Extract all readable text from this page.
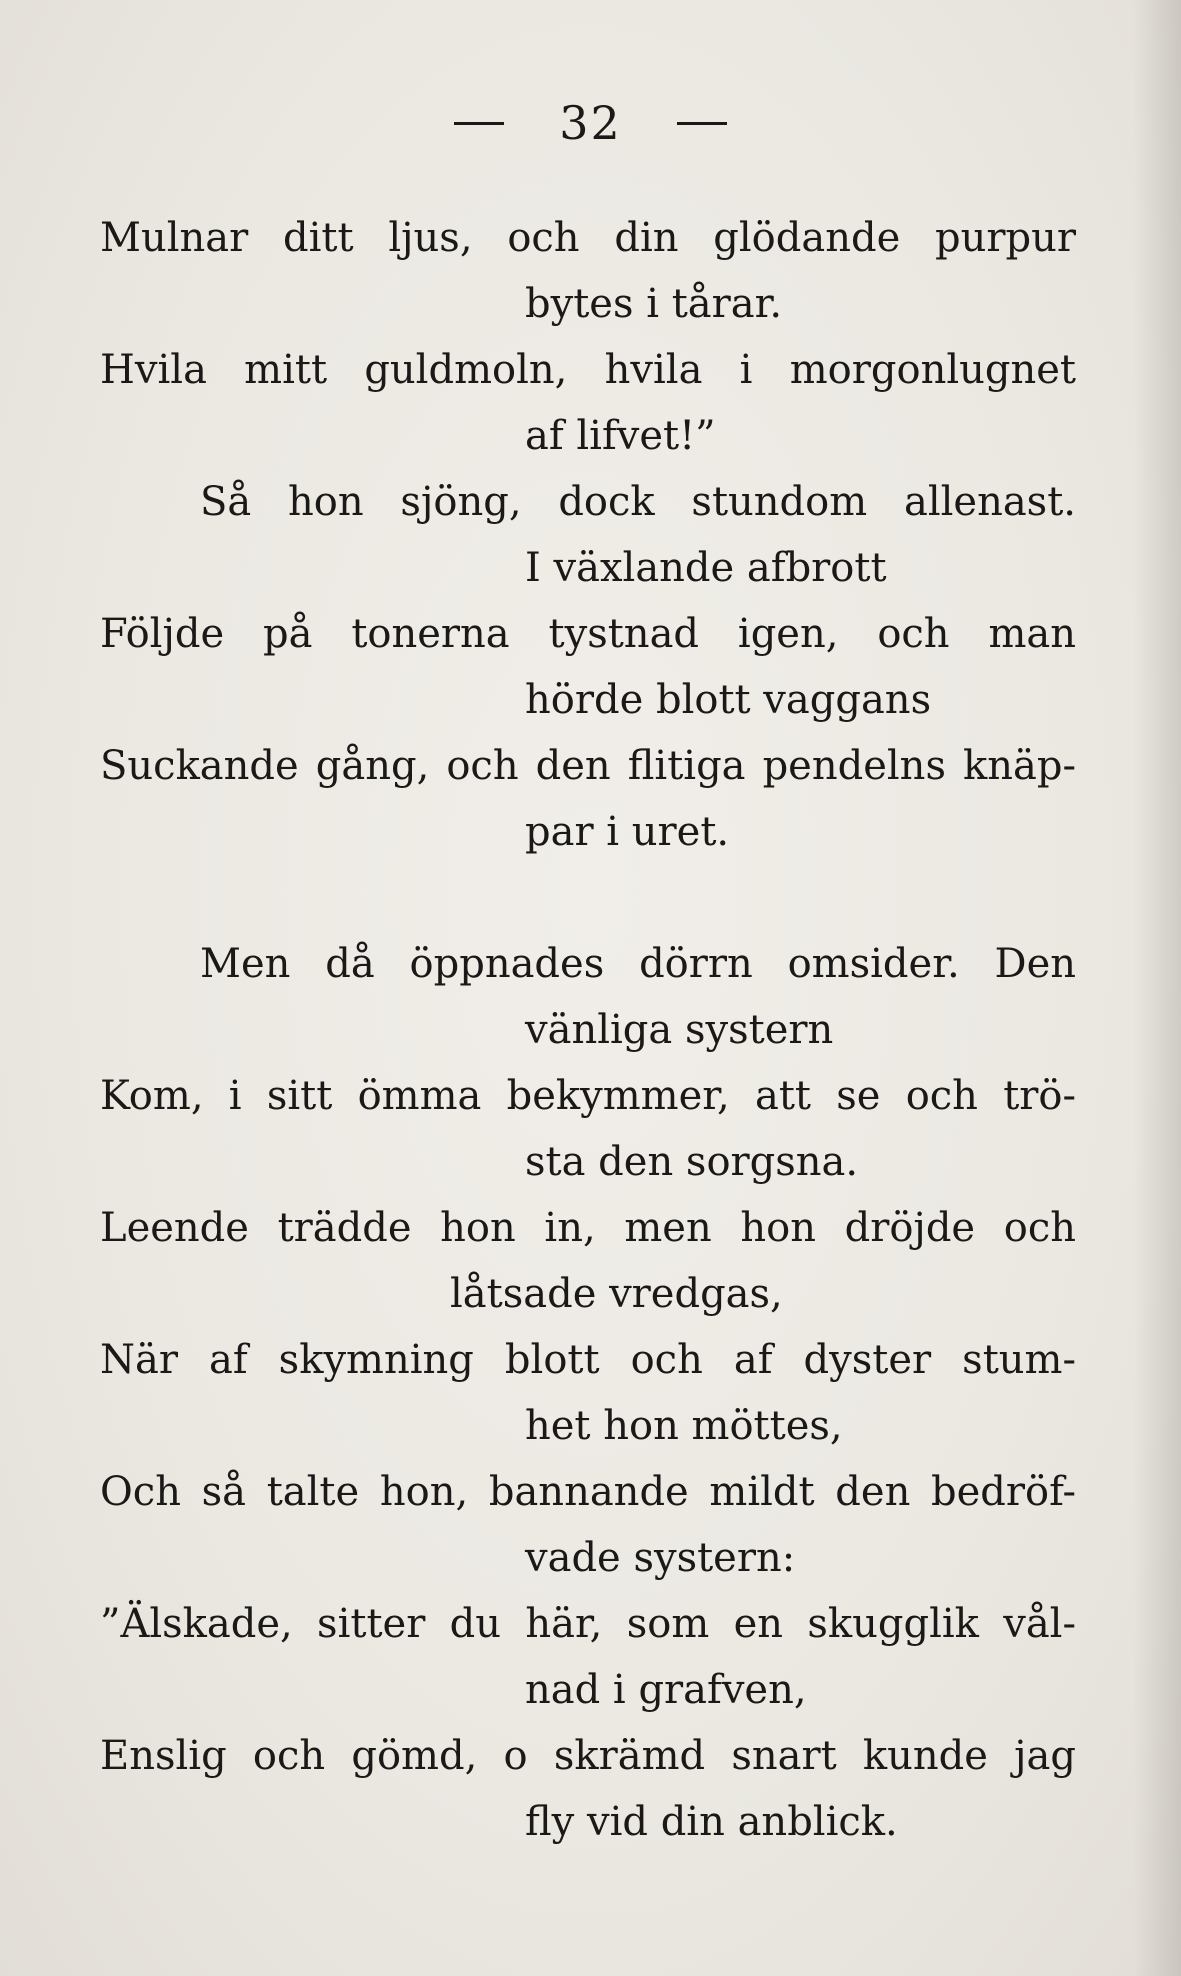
32
Mulnar ditt ljus, och din glödande purpur
bytes i tårar.
Hvila mitt guldmoln, hvila i morgonlugnet
af lifvet!”
Så hon sjöng, dock stundom allenast.
I växlande afbrott
Följde på tonerna tystnad igen, och man
hörde blott vaggans
Suckande gång, och den flitiga pendelns knäp-
par i uret.
Men då öppnades dörrn omsider. Den
vänliga systern
Kom, i sitt ömma bekymmer, att se och trö-
sta den sorgsna.
Leende trädde hon in, men hon dröjde och
låtsade vredgas,
När af skymning blott och af dyster stum-
het hon möttes,
Och så talte hon, bannande mildt den bedröf-
vade systern:
”Älskade, sitter du här, som en skugglik vål-
nad i grafven,
Enslig och gömd, o skrämd snart kunde jag
fly vid din anblick.
